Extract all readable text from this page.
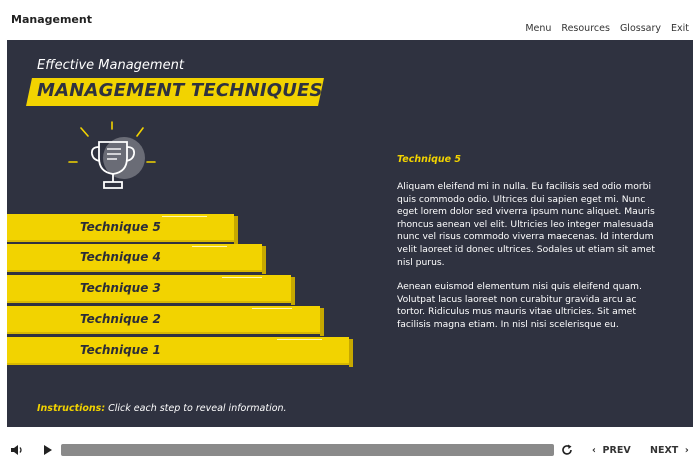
Management
Menu Resources Glossary Exit
Effective Management
MANAGEMENT TECHNIQUES
Technique 5
Technique 4
Technique 3
Technique 2
Technique 1
Technique 5

Aliquam eleifend mi in nulla. Eu facilisis sed odio morbi quis commodo odio. Ultrices dui sapien eget mi. Nunc eget lorem dolor sed viverra ipsum nunc aliquet. Mauris rhoncus aenean vel elit. Ultricies leo integer malesuada nunc vel risus commodo viverra maecenas. Id interdum velit laoreet id donec ultrices. Sodales ut etiam sit amet nisl purus.

Aenean euismod elementum nisi quis eleifend quam. Volutpat lacus laoreet non curabitur gravida arcu ac tortor. Ridiculus mus mauris vitae ultricies. Sit amet facilisis magna etiam. In nisl nisi scelerisque eu.

Instructions: Click each step to reveal information.
‹ PREV NEXT ›
